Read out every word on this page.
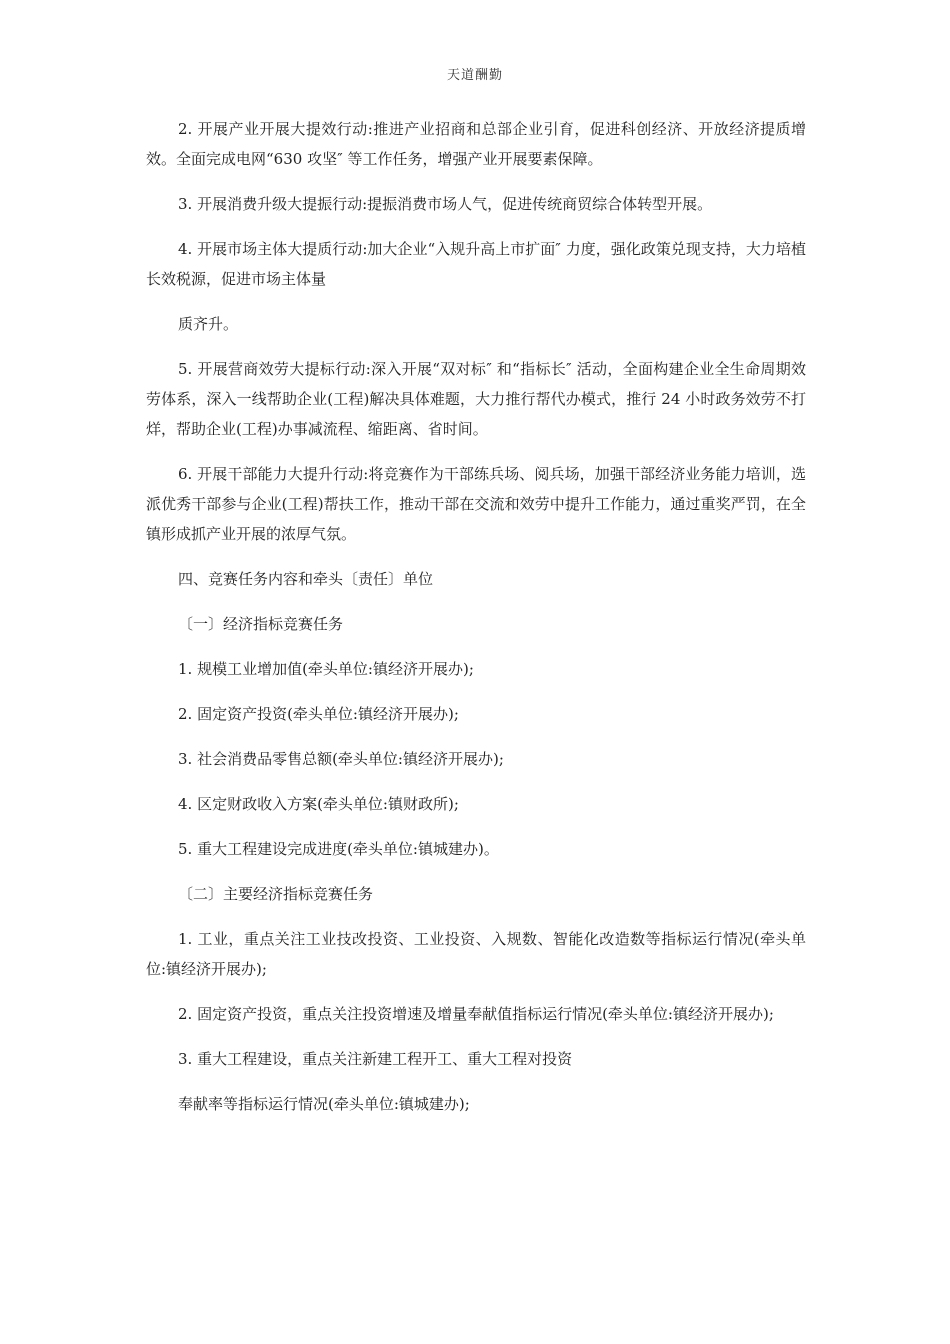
天道酬勤

2. 开展产业开展大提效行动:推进产业招商和总部企业引育，促进科创经济、开放经济提质增效。全面完成电网“630 攻坚″ 等工作任务，增强产业开展要素保障。

3. 开展消费升级大提振行动:提振消费市场人气，促进传统商贸综合体转型开展。

4. 开展市场主体大提质行动:加大企业“入规升高上市扩面″ 力度，强化政策兑现支持，大力培植长效税源，促进市场主体量

质齐升。

5. 开展营商效劳大提标行动:深入开展“双对标″ 和“指标长″ 活动，全面构建企业全生命周期效劳体系，深入一线帮助企业(工程)解决具体难题，大力推行帮代办模式，推行 24 小时政务效劳不打烊，帮助企业(工程)办事减流程、缩距离、省时间。

6. 开展干部能力大提升行动:将竞赛作为干部练兵场、阅兵场，加强干部经济业务能力培训，选派优秀干部参与企业(工程)帮扶工作，推动干部在交流和效劳中提升工作能力，通过重奖严罚，在全镇形成抓产业开展的浓厚气氛。

四、竞赛任务内容和牵头〔责任〕单位

〔一〕经济指标竞赛任务

1. 规模工业增加值(牵头单位:镇经济开展办);

2. 固定资产投资(牵头单位:镇经济开展办);

3. 社会消费品零售总额(牵头单位:镇经济开展办);

4. 区定财政收入方案(牵头单位:镇财政所);

5. 重大工程建设完成进度(牵头单位:镇城建办)。

〔二〕主要经济指标竞赛任务

1. 工业，重点关注工业技改投资、工业投资、入规数、智能化改造数等指标运行情况(牵头单位:镇经济开展办);

2. 固定资产投资，重点关注投资增速及增量奉献值指标运行情况(牵头单位:镇经济开展办);

3. 重大工程建设，重点关注新建工程开工、重大工程对投资

奉献率等指标运行情况(牵头单位:镇城建办);
